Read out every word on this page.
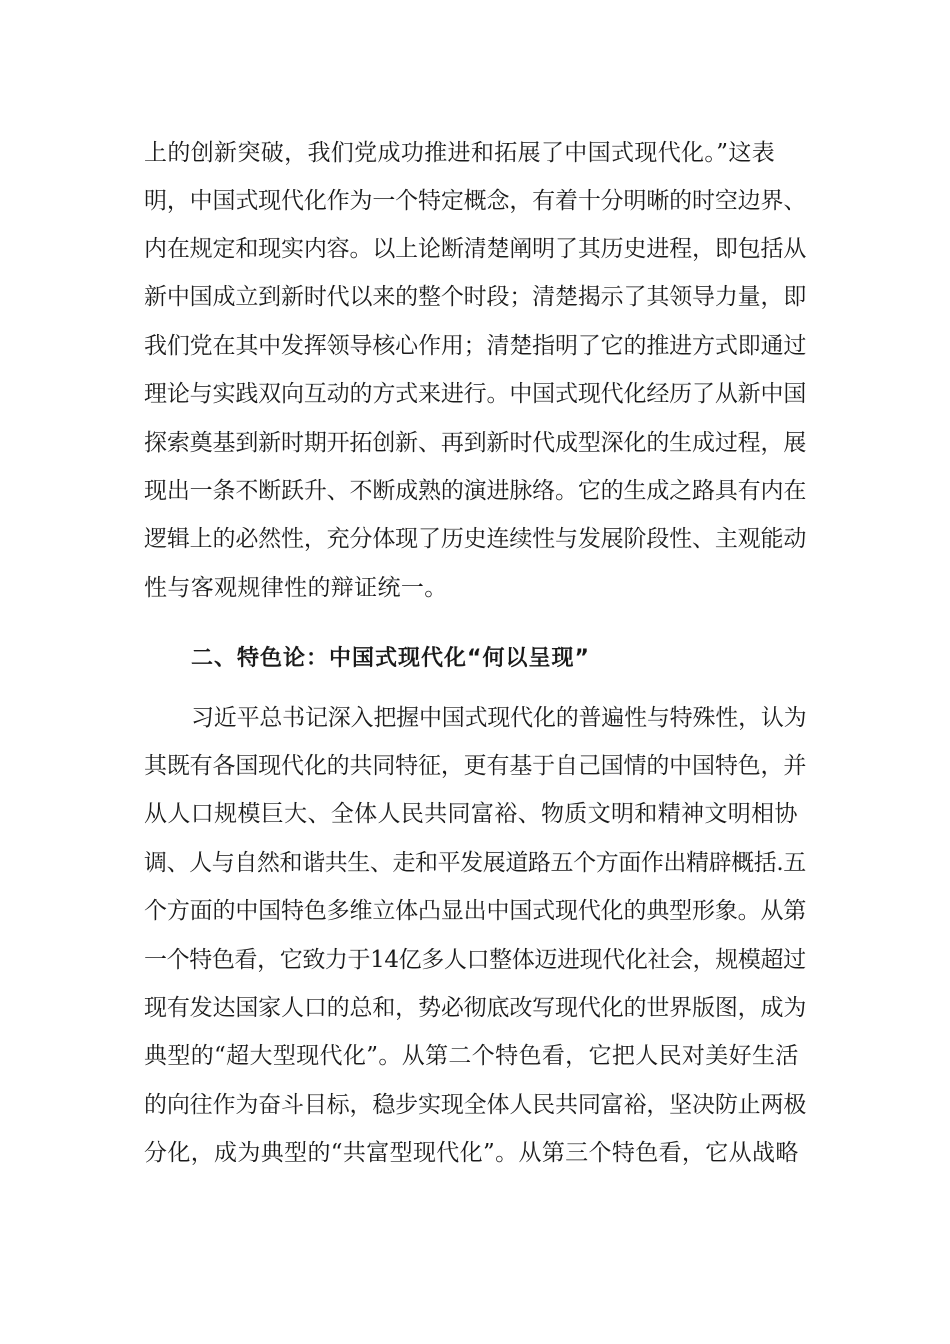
上的创新突破，我们党成功推进和拓展了中国式现代化。”这表
明，中国式现代化作为一个特定概念，有着十分明晰的时空边界、
内在规定和现实内容。以上论断清楚阐明了其历史进程，即包括从
新中国成立到新时代以来的整个时段；清楚揭示了其领导力量，即
我们党在其中发挥领导核心作用；清楚指明了它的推进方式即通过
理论与实践双向互动的方式来进行。中国式现代化经历了从新中国
探索奠基到新时期开拓创新、再到新时代成型深化的生成过程，展
现出一条不断跃升、不断成熟的演进脉络。它的生成之路具有内在
逻辑上的必然性，充分体现了历史连续性与发展阶段性、主观能动
性与客观规律性的辩证统一。
二、特色论：中国式现代化“何以呈现”
习近平总书记深入把握中国式现代化的普遍性与特殊性，认为
其既有各国现代化的共同特征，更有基于自己国情的中国特色，并
从人口规模巨大、全体人民共同富裕、物质文明和精神文明相协
调、人与自然和谐共生、走和平发展道路五个方面作出精辟概括.五
个方面的中国特色多维立体凸显出中国式现代化的典型形象。从第
一个特色看，它致力于14亿多人口整体迈进现代化社会，规模超过
现有发达国家人口的总和，势必彻底改写现代化的世界版图，成为
典型的“超大型现代化”。从第二个特色看，它把人民对美好生活
的向往作为奋斗目标，稳步实现全体人民共同富裕，坚决防止两极
分化，成为典型的“共富型现代化”。从第三个特色看，它从战略
